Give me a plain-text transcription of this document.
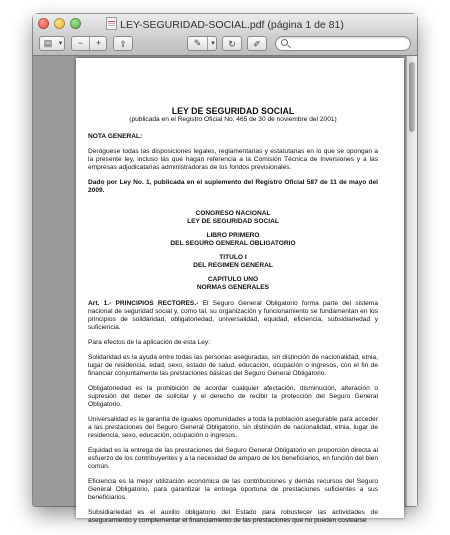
LEY-SEGURIDAD-SOCIAL.pdf (página 1 de 81)
▤ ▾	−	+	⇪	✎	▾	↻	✐
LEY DE SEGURIDAD SOCIAL
(publicada en el Registro Oficial No. 465 de 30 de noviembre del 2001)

NOTA GENERAL:

Deróguese todas las disposiciones legales, reglamentarias y estatutarias en lo que se opongan a la presente ley, incluso las que hagan referencia a la Comisión Técnica de Inversiones y a las empresas adjudicatarias administradoras de los fondos previsionales.

Dado por Ley No. 1, publicada en el suplemento del Registro Oficial 587 de 11 de mayo del 2009.

CONGRESO NACIONAL
LEY DE SEGURIDAD SOCIAL
LIBRO PRIMERO
DEL SEGURO GENERAL OBLIGATORIO
TITULO I
DEL REGIMEN GENERAL
CAPITULO UNO
NORMAS GENERALES

Art. 1.- PRINCIPIOS RECTORES.- El Seguro General Obligatorio forma parte del sistema nacional de seguridad social y, como tal, su organización y funcionamiento se fundamentan en los principios de solidaridad, obligatoriedad, universalidad, equidad, eficiencia, subsidiariedad y suficiencia.

Para efectos de la aplicación de esta Ley:

Solidaridad es la ayuda entre todas las personas aseguradas, sin distinción de nacionalidad, etnia, lugar de residencia, edad, sexo, estado de salud, educación, ocupación o ingresos, con el fin de financiar conjuntamente las prestaciones básicas del Seguro General Obligatorio.

Obligatoriedad es la prohibición de acordar cualquier afectación, disminución, alteración o supresión del deber de solicitar y el derecho de recibir la protección del Seguro General Obligatorio.

Universalidad es la garantía de iguales oportunidades a toda la población asegurable para acceder a las prestaciones del Seguro General Obligatorio, sin distinción de nacionalidad, etnia, lugar de residencia, sexo, educación, ocupación o ingresos.

Equidad es la entrega de las prestaciones del Seguro General Obligatorio en proporción directa al esfuerzo de los contribuyentes y a la necesidad de amparo de los beneficiarios, en función del bien común.

Eficiencia es la mejor utilización económica de las contribuciones y demás recursos del Seguro General Obligatorio, para garantizar la entrega oportuna de prestaciones suficientes a sus beneficiarios.

Subsidiariedad es el auxilio obligatorio del Estado para robustecer las actividades de aseguramiento y complementar el financiamiento de las prestaciones que no pueden costearse
